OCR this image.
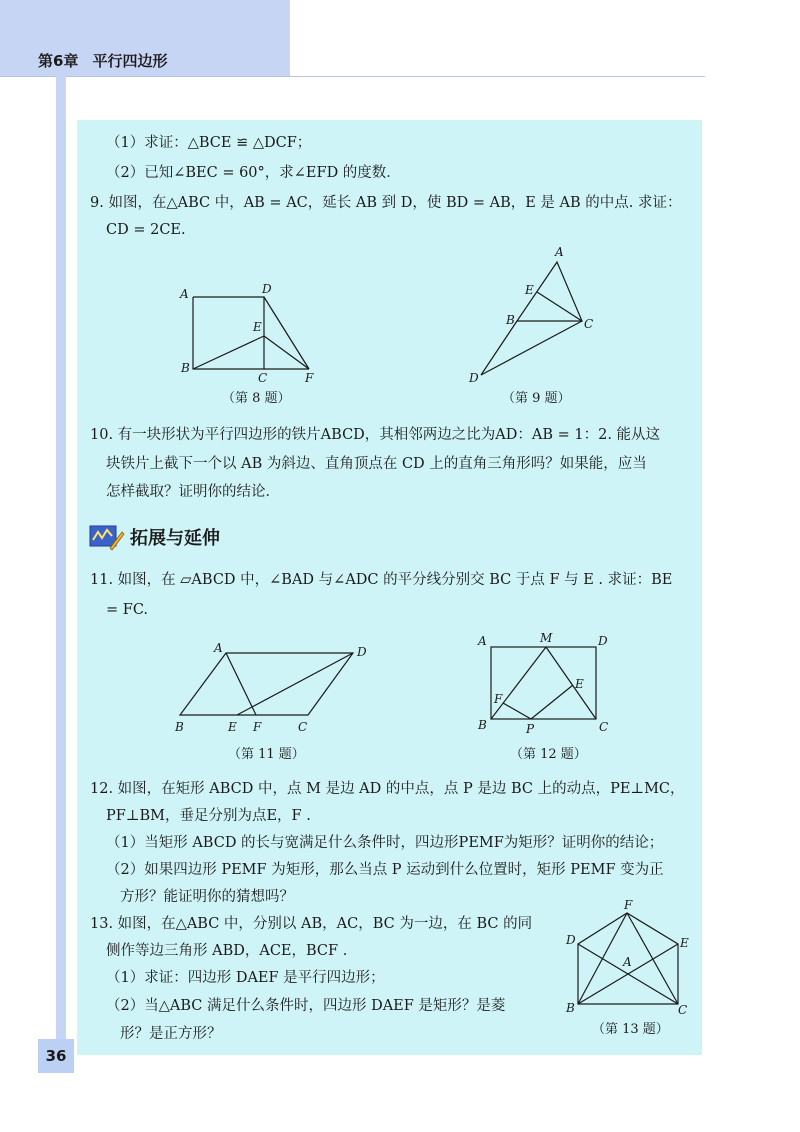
第6章 平行四边形
（1）求证：△BCE ≌ △DCF；
（2）已知∠BEC = 60°，求∠EFD 的度数．
9. 如图，在△ABC 中，AB = AC，延长 AB 到 D，使 BD = AB，E 是 AB 的中点. 求证：
CD = 2CE.
A	D
E
B
C	F
（第 8 题）
A
E
B	C
D
（第 9 题）
10. 有一块形状为平行四边形的铁片ABCD，其相邻两边之比为AD：AB = 1：2. 能从这
块铁片上截下一个以 AB 为斜边、直角顶点在 CD 上的直角三角形吗？如果能，应当
怎样截取？证明你的结论．
拓展与延伸
11. 如图，在 ▱ABCD 中，∠BAD 与∠ADC 的平分线分别交 BC 于点 F 与 E . 求证：BE
= FC.
A	D
B	E F	C
（第 11 题）
A	M	D
E
F
B	P	C
（第 12 题）
12. 如图，在矩形 ABCD 中，点 M 是边 AD 的中点，点 P 是边 BC 上的动点，PE⊥MC，
PF⊥BM，垂足分别为点E，F .
（1）当矩形 ABCD 的长与宽满足什么条件时，四边形PEMF为矩形？证明你的结论；
（2）如果四边形 PEMF 为矩形，那么当点 P 运动到什么位置时，矩形 PEMF 变为正
方形？能证明你的猜想吗？
13. 如图，在△ABC 中，分别以 AB，AC，BC 为一边，在 BC 的同
侧作等边三角形 ABD，ACE，BCF .
（1）求证：四边形 DAEF 是平行四边形；
（2）当△ABC 满足什么条件时，四边形 DAEF 是矩形？是菱
形？是正方形？
F
D	E
A
B	C
（第 13 题）
36
